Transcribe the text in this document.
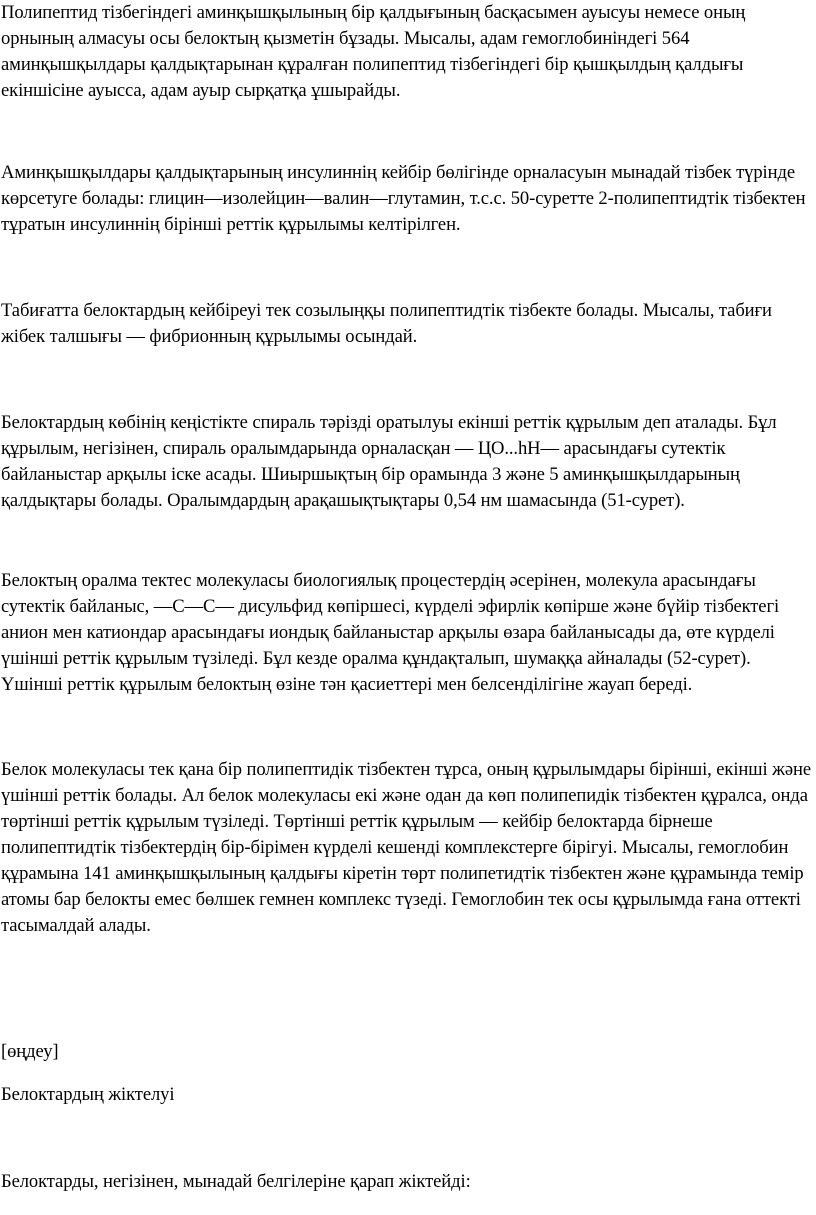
Полипептид тізбегіндегі аминқышқылының бір қалдығының басқасымен ауысуы немесе оның орнының алмасуы осы белоктың қызметін бұзады. Мысалы, адам гемоглобиніндегі 564 аминқышқылдары қалдықтарынан құралған полипептид тізбегіндегі бір қышқылдың қалдығы екіншісіне ауысса, адам ауыр сырқатқа ұшырайды.

Аминқышқылдары қалдықтарының инсулиннің кейбір бөлігінде орналасуын мынадай тізбек түрінде көрсетуге болады: глицин—изолейцин—валин—глутамин, т.с.с. 50-суретте 2-полипептидтік тізбектен тұратын инсулиннің бірінші реттік құрылымы келтірілген.

Табиғатта белоктардың кейбіреуі тек созылыңқы полипептидтік тізбекте болады. Мысалы, табиғи жібек талшығы — фибрионның құрылымы осындай.

Белоктардың көбінің кеңістікте спираль тәрізді оратылуы екінші реттік құрылым деп аталады. Бұл құрылым, негізінен, спираль оралымдарында орналасқан — ЦО...һН— арасындағы сутектік байланыстар арқылы іске асады. Шиыршықтың бір орамында 3 және 5 аминқышқылдарының қалдықтары болады. Оралымдардың арақашықтықтары 0,54 нм шамасында (51-сурет).

Белоктың оралма тектес молекуласы биологиялық процестердің әсерінен, молекула арасындағы сутектік байланыс, —С—С— дисульфид көпіршесі, күрделі эфирлік көпірше және бүйір тізбектегі анион мен катиондар арасындағы иондық байланыстар арқылы өзара байланысады да, өте күрделі үшінші реттік құрылым түзіледі. Бұл кезде оралма құндақталып, шумаққа айналады (52-сурет). Үшінші реттік құрылым белоктың өзіне тән қасиеттері мен белсенділігіне жауап береді.

Белок молекуласы тек қана бір полипептидік тізбектен тұрса, оның құрылымдары бірінші, екінші және үшінші реттік болады. Ал белок молекуласы екі және одан да көп полипепидік тізбектен құралса, онда төртінші реттік құрылым түзіледі. Төртінші реттік құрылым — кейбір белоктарда бірнеше полипептидтік тізбектердің бір-бірімен күрделі кешенді комплекстерге бірігуі. Мысалы, гемоглобин құрамына 141 аминқышқылының қалдығы кіретін төрт полипетидтік тізбектен және құрамында темір атомы бар белокты емес бөлшек гемнен комплекс түзеді. Гемоглобин тек осы құрылымда ғана оттекті тасымалдай алады.

[өңдеу]

Белоктардың жіктелуі

Белоктарды, негізінен, мынадай белгілеріне қарап жіктейді:
